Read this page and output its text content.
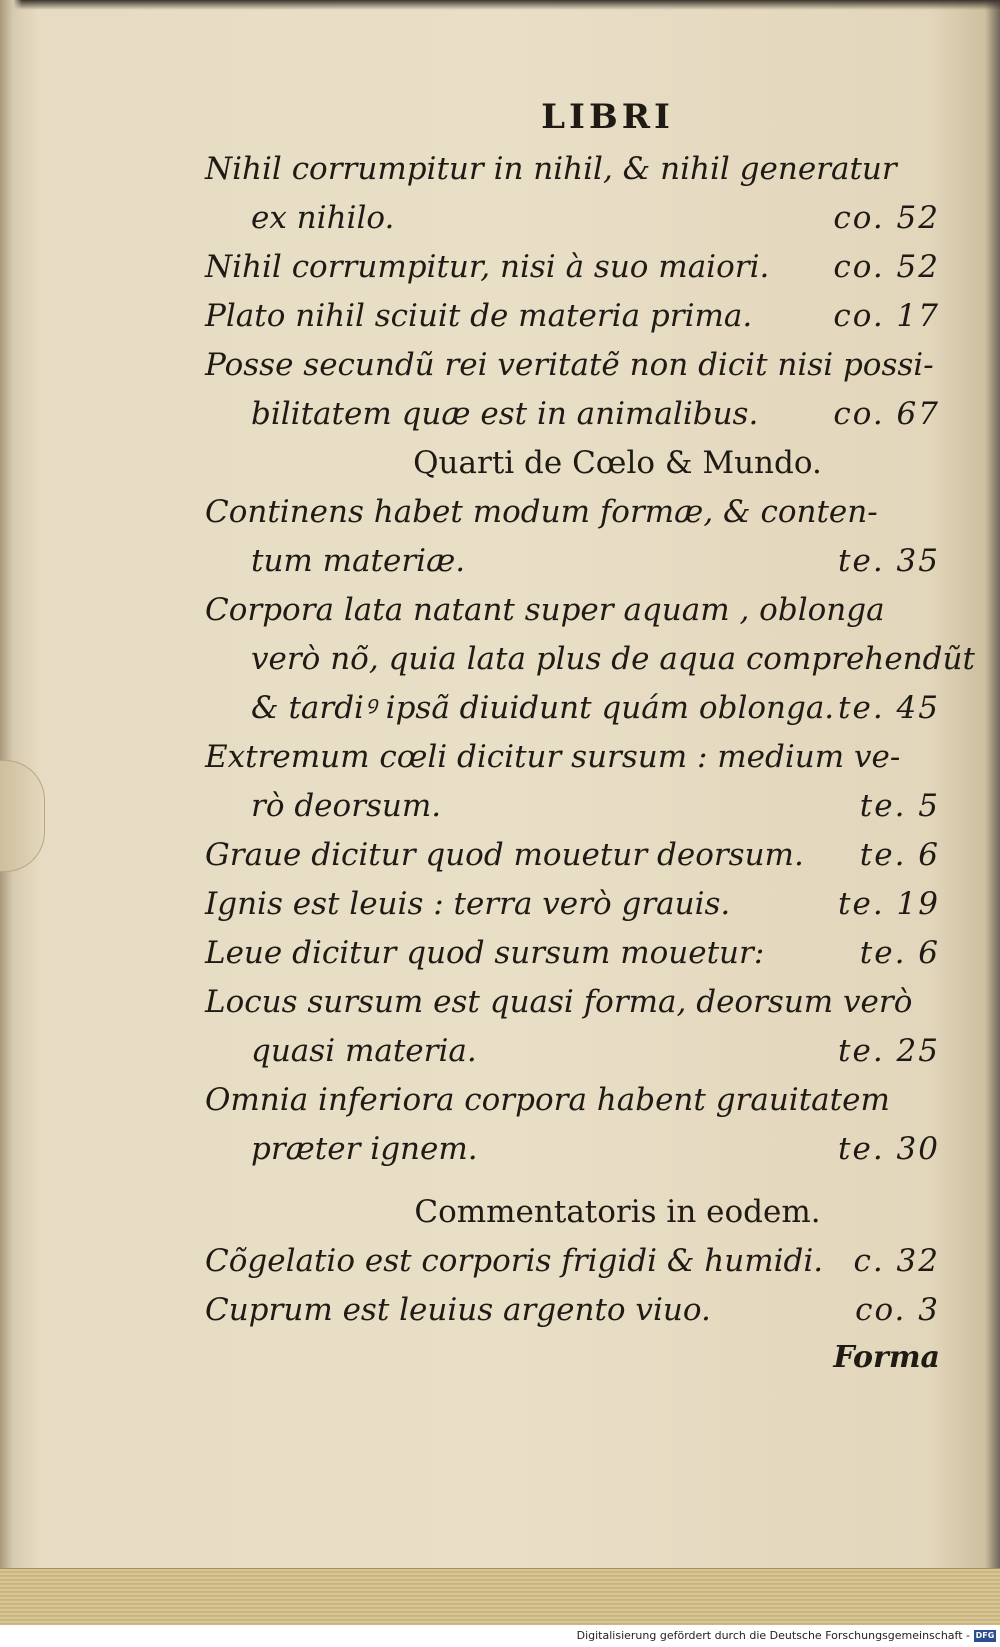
LIBRI
Nihil corrumpitur in nihil, & nihil generatur
ex nihilo.	co. 52
Nihil corrumpitur, nisi à suo maiori. co. 52
Plato nihil sciuit de materia prima.	co. 17
Posse secundũ rei veritatẽ non dicit nisi possi-
bilitatem quæ est in animalibus. co. 67
Quarti de Cœlo & Mundo.
Continens habet modum formæ, & conten-
tum materiæ.	te. 35
Corpora lata natant super aquam , oblonga
verò nõ, quia lata plus de aqua comprehendũt
& tardiꝰ ipsã diuidunt quám oblonga. te. 45
Extremum cœli dicitur sursum : medium ve-
rò deorsum.	te. 5
Graue dicitur quod mouetur deorsum. te. 6
Ignis est leuis : terra verò grauis.	te. 19
Leue dicitur quod sursum mouetur:	te. 6
Locus sursum est quasi forma, deorsum verò
quasi materia.	te. 25
Omnia inferiora corpora habent grauitatem
præter ignem.	te. 30
Commentatoris in eodem.
Cõgelatio est corporis frigidi & humidi. c. 32
Cuprum est leuius argento viuo.	co. 3
Forma
Digitalisierung gefördert durch die Deutsche Forschungsgemeinschaft - DFG
